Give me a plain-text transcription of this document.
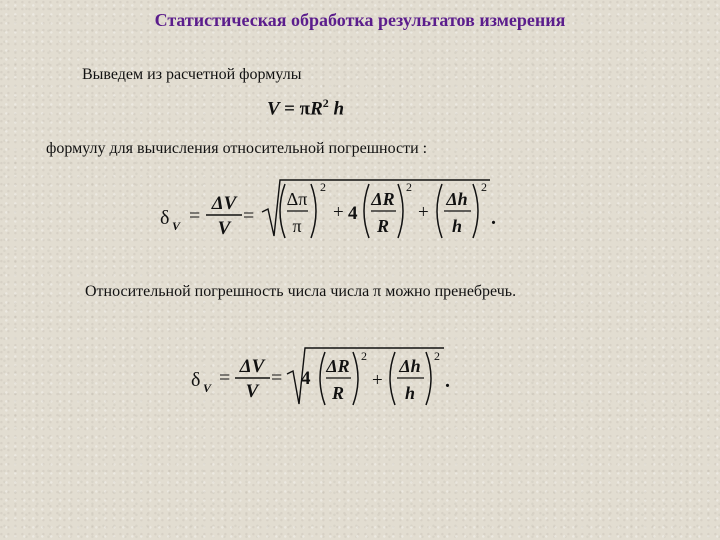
Статистическая обработка результатов измерения
Выведем из расчетной формулы
$V = \pi R^2$ h
формулу для вычисления относительной погрешности :
δ V =
ΔV
V
=
Δπ
π
2
+ 4
ΔR
R
2
+
Δh
h
2
.
Относительной погрешность числа числа π можно пренебречь.
δ V =
ΔV
V
= 4
ΔR
R
2
+
Δh
h
2
.
